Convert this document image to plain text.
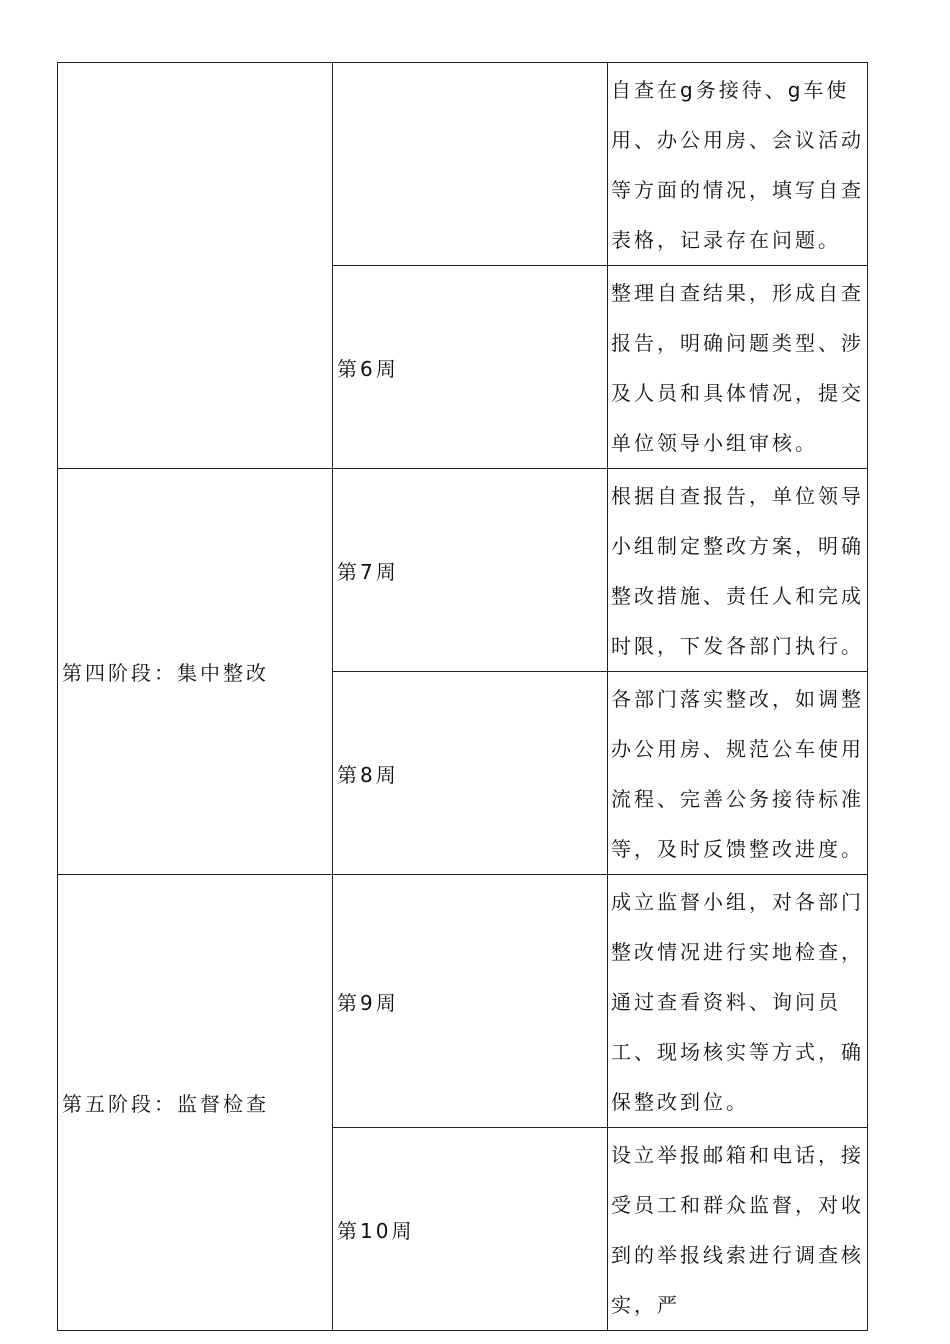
		自查在g务接待、g车使用、办公用房、会议活动等方面的情况，填写自查表格，记录存在问题。
	第6周	整理自查结果，形成自查报告，明确问题类型、涉及人员和具体情况，提交单位领导小组审核。
第四阶段：集中整改	第7周	根据自查报告，单位领导小组制定整改方案，明确整改措施、责任人和完成时限，下发各部门执行。
	第8周	各部门落实整改，如调整办公用房、规范公车使用流程、完善公务接待标准等，及时反馈整改进度。
第五阶段：监督检查	第9周	成立监督小组，对各部门整改情况进行实地检查，通过查看资料、询问员工、现场核实等方式，确保整改到位。
	第10周	设立举报邮箱和电话，接受员工和群众监督，对收到的举报线索进行调查核实，严
